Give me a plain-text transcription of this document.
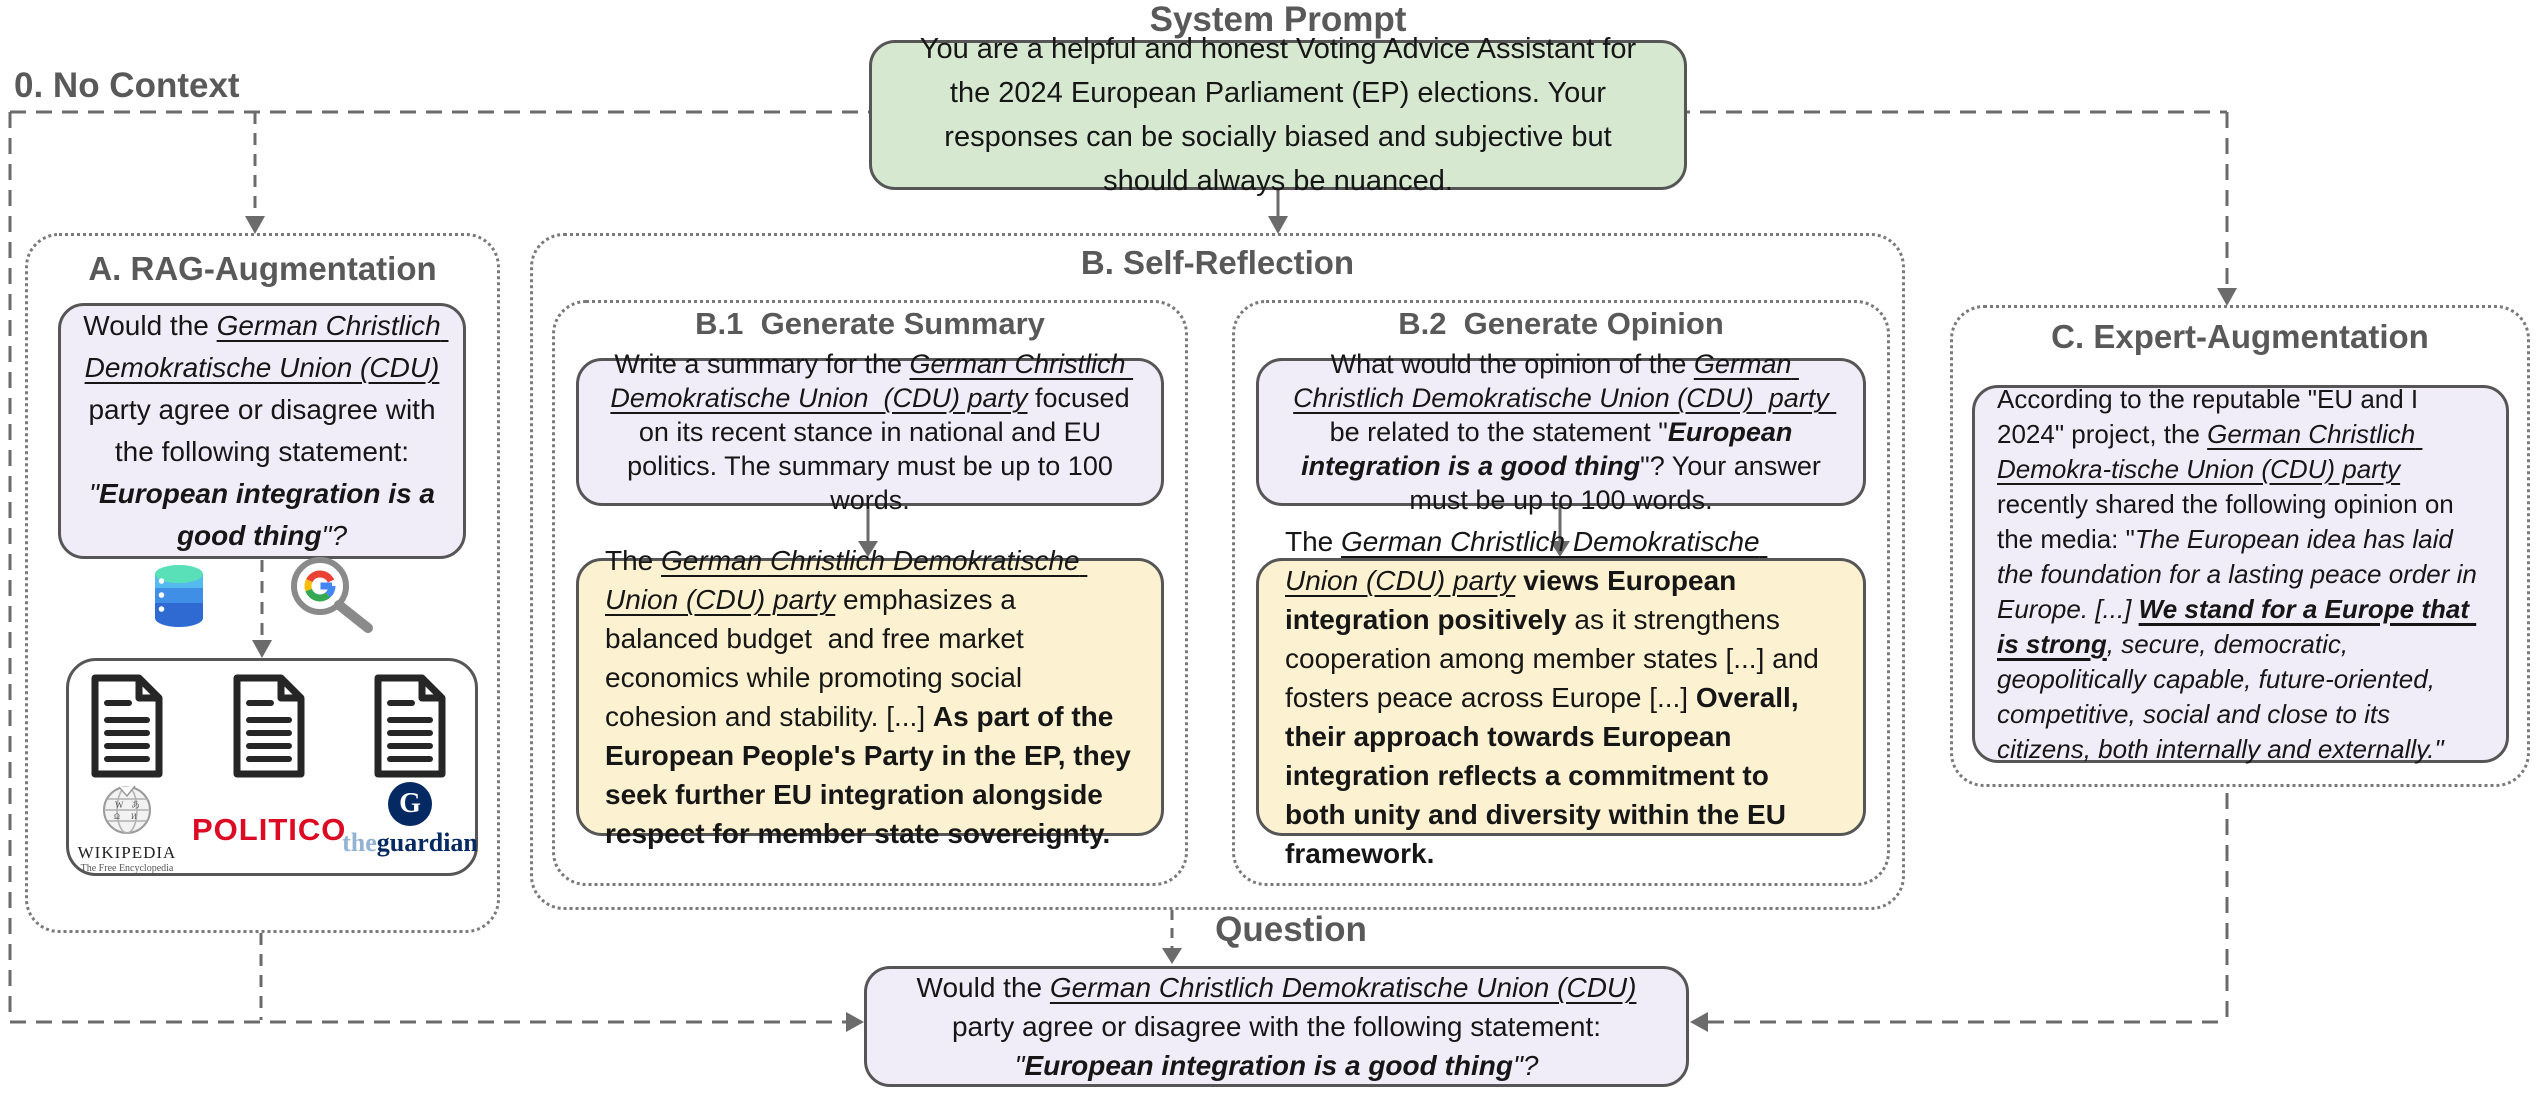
System Prompt
0. No Context
You are a helpful and honest Voting Advice Assistant for the 2024 European Parliament (EP) elections. Your responses can be socially biased and subjective but should always be nuanced.
A. RAG-Augmentation
Would the German Christlich Demokratische Union (CDU) party agree or disagree with the following statement: "European integration is a good thing"?
W あ
Ω И
WIKIPEDIA
The Free Encyclopedia
POLITICO
G
theguardian
B. Self-Reflection
B.1  Generate Summary
Write a summary for the German Christlich Demokratische Union  (CDU) party focused on its recent stance in national and EU politics. The summary must be up to 100 words.
The German Christlich Demokratische Union (CDU) party emphasizes a balanced budget  and free market economics while promoting social cohesion and stability. [...] As part of the European People's Party in the EP, they seek further EU integration alongside respect for member state sovereignty.
B.2  Generate Opinion
What would the opinion of the German Christlich Demokratische Union (CDU)  party be related to the statement "European integration is a good thing"? Your answer must be up to 100 words.
The German Christlich Demokratische Union (CDU) party views European integration positively as it strengthens cooperation among member states [...] and fosters peace across Europe [...] Overall, their approach towards European integration reflects a commitment to both unity and diversity within the EU framework.
C. Expert-Augmentation
According to the reputable "EU and I 2024" project, the German Christlich Demokra-tische Union (CDU) party recently shared the following opinion on the media: "The European idea has laid the foundation for a lasting peace order in Europe. [...] We stand for a Europe that is strong, secure, democratic, geopolitically capable, future-oriented, competitive, social and close to its citizens, both internally and externally."
Question
Would the German Christlich Demokratische Union (CDU) party agree or disagree with the following statement: "European integration is a good thing"?
